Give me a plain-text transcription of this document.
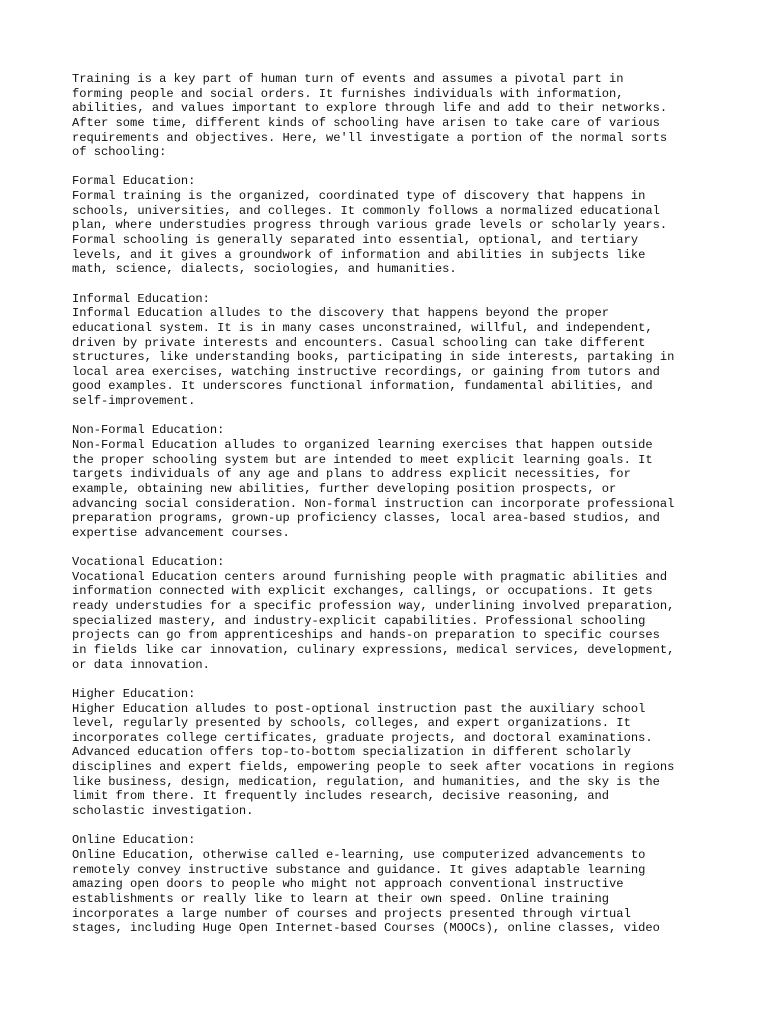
Training is a key part of human turn of events and assumes a pivotal part in
forming people and social orders. It furnishes individuals with information,
abilities, and values important to explore through life and add to their networks.
After some time, different kinds of schooling have arisen to take care of various
requirements and objectives. Here, we'll investigate a portion of the normal sorts
of schooling:
Formal Education:
Formal training is the organized, coordinated type of discovery that happens in
schools, universities, and colleges. It commonly follows a normalized educational
plan, where understudies progress through various grade levels or scholarly years.
Formal schooling is generally separated into essential, optional, and tertiary
levels, and it gives a groundwork of information and abilities in subjects like
math, science, dialects, sociologies, and humanities.
Informal Education:
Informal Education alludes to the discovery that happens beyond the proper
educational system. It is in many cases unconstrained, willful, and independent,
driven by private interests and encounters. Casual schooling can take different
structures, like understanding books, participating in side interests, partaking in
local area exercises, watching instructive recordings, or gaining from tutors and
good examples. It underscores functional information, fundamental abilities, and
self-improvement.
Non-Formal Education:
Non-Formal Education alludes to organized learning exercises that happen outside
the proper schooling system but are intended to meet explicit learning goals. It
targets individuals of any age and plans to address explicit necessities, for
example, obtaining new abilities, further developing position prospects, or
advancing social consideration. Non-formal instruction can incorporate professional
preparation programs, grown-up proficiency classes, local area-based studios, and
expertise advancement courses.
Vocational Education:
Vocational Education centers around furnishing people with pragmatic abilities and
information connected with explicit exchanges, callings, or occupations. It gets
ready understudies for a specific profession way, underlining involved preparation,
specialized mastery, and industry-explicit capabilities. Professional schooling
projects can go from apprenticeships and hands-on preparation to specific courses
in fields like car innovation, culinary expressions, medical services, development,
or data innovation.
Higher Education:
Higher Education alludes to post-optional instruction past the auxiliary school
level, regularly presented by schools, colleges, and expert organizations. It
incorporates college certificates, graduate projects, and doctoral examinations.
Advanced education offers top-to-bottom specialization in different scholarly
disciplines and expert fields, empowering people to seek after vocations in regions
like business, design, medication, regulation, and humanities, and the sky is the
limit from there. It frequently includes research, decisive reasoning, and
scholastic investigation.
Online Education:
Online Education, otherwise called e-learning, use computerized advancements to
remotely convey instructive substance and guidance. It gives adaptable learning
amazing open doors to people who might not approach conventional instructive
establishments or really like to learn at their own speed. Online training
incorporates a large number of courses and projects presented through virtual
stages, including Huge Open Internet-based Courses (MOOCs), online classes, video
